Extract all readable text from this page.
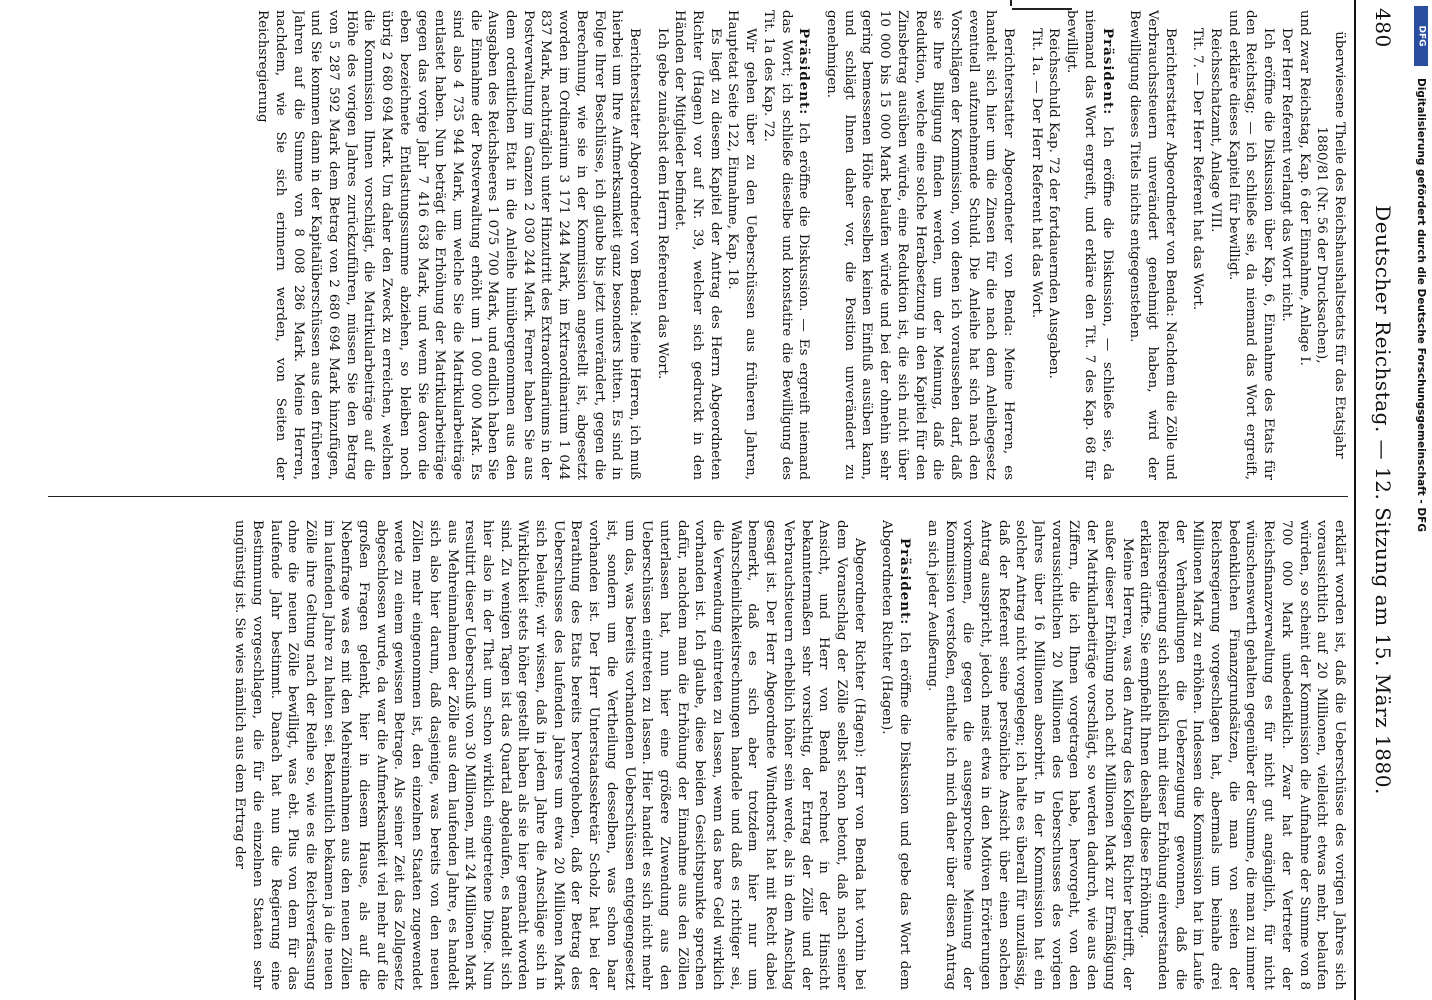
480
Deutscher Reichstag. — 12. Sitzung am 15. März 1880.

überwiesene Theile des Reichshaushaltsetats für das Etatsjahr 1880/81 (Nr. 56 der Drucksachen),

und zwar Reichstag, Kap. 6 der Einnahme, Anlage I.

Der Herr Referent verlangt das Wort nicht.

Ich eröffne die Diskussion über Kap. 6, Einnahme des Etats für den Reichstag; — ich schließe sie, da niemand das Wort ergreift, und erkläre dieses Kapitel für bewilligt.

Reichsschatzamt, Anlage VIII.

Tit. 7. — Der Herr Referent hat das Wort.

Berichterstatter Abgeordneter von Benda: Nachdem die Zölle und Verbrauchssteuern unverändert genehmigt haben, wird der Bewilligung dieses Titels nichts entgegenstehen.

Präsident: Ich eröffne die Diskussion, — schließe sie, da niemand das Wort ergreift, und erkläre den Tit. 7 des Kap. 68 für bewilligt.

Reichsschuld Kap. 72 der fortdauernden Ausgaben.

Tit. 1a. — Der Herr Referent hat das Wort.

Berichterstatter Abgeordneter von Benda: Meine Herren, es handelt sich hier um die Zinsen für die nach dem Anleihegesetz eventuell aufzunehmende Schuld. Die Anleihe hat sich nach den Vorschlägen der Kommission, von denen ich voraussehen darf, daß sie Ihre Billigung finden werden, um der Meinung, daß die Reduktion, welche eine solche Herabsetzung in den Kapitel für den Zinsbetrag ausüben würde, eine Reduktion ist, die sich nicht über 10 000 bis 15 000 Mark belaufen würde und bei der ohnehin sehr gering bemessenen Höhe desselben keinen Einfluß ausüben kann, und schlägt Ihnen daher vor, die Position unverändert zu genehmigen.

Präsident: Ich eröffne die Diskussion. — Es ergreift niemand das Wort; ich schließe dieselbe und konstatire die Bewilligung des Tit. 1a des Kap. 72.

Wir gehen über zu den Ueberschüssen aus früheren Jahren, Hauptetat Seite 122, Einnahme, Kap. 18.

Es liegt zu diesem Kapitel der Antrag des Herrn Abgeordneten Richter (Hagen) vor auf Nr. 39, welcher sich gedruckt in den Händen der Mitglieder befindet.

Ich gebe zunächst dem Herrn Referenten das Wort.

Berichterstatter Abgeordneter von Benda: Meine Herren, ich muß hierbei um Ihre Aufmerksamkeit ganz besonders bitten. Es sind in Folge Ihrer Beschlüsse, ich glaube bis jetzt unverändert, gegen die Berechnung, wie sie in der Kommission angestellt ist, abgesetzt worden im Ordinarium 3 171 244 Mark, im Extraordinarium 1 044 837 Mark, nachträglich unter Hinzutritt des Extraordinariums in der Postverwaltung im Ganzen 2 030 244 Mark. Ferner haben Sie aus dem ordentlichen Etat in die Anleihe hinübergenommen aus den Ausgaben des Reichsheeres 1 075 700 Mark, und endlich haben Sie die Einnahme der Postverwaltung erhöht um 1 000 000 Mark. Es sind also 4 735 944 Mark, um welche Sie die Matrikularbeiträge entlastet haben. Nun beträgt die Erhöhung der Matrikularbeiträge gegen das vorige Jahr 7 416 638 Mark, und wenn Sie davon die eben bezeichnete Entlastungssumme abziehen, so bleiben noch übrig 2 680 694 Mark. Um daher den Zweck zu erreichen, welchen die Kommission Ihnen vorschlägt, die Matrikularbeiträge auf die Höhe des vorigen Jahres zurückzuführen, müssen Sie den Betrag von 5 287 592 Mark dem Betrag von 2 680 694 Mark hinzufügen, und Sie kommen dann in der Kapitalüberschüssen aus den früheren Jahren auf die Summe von 8 008 286 Mark. Meine Herren, nachdem, wie Sie sich erinnern werden, von Seiten der Reichsregierung

erklärt worden ist, daß die Ueberschüsse des vorigen Jahres sich voraussichtlich auf 20 Millionen, vielleicht etwas mehr, belaufen würden, so scheint der Kommission die Aufnahme der Summe von 8 700 000 Mark unbedenklich. Zwar hat der Vertreter der Reichsfinanzverwaltung es für nicht gut angänglich, für nicht wünschenswerth gehalten gegenüber der Summe, die man zu immer bedenklichen Finanzgrundsätzen, die man von seiten der Reichsregierung vorgeschlagen hat, abermals um beinahe drei Millionen Mark zu erhöhen. Indessen die Kommission hat im Laufe der Verhandlungen die Ueberzeugung gewonnen, daß die Reichsregierung sich schließlich mit dieser Erhöhung einverstanden erklären dürfte. Sie empfiehlt Ihnen deshalb diese Erhöhung.

Meine Herren, was den Antrag des Kollegen Richter betrifft, der außer dieser Erhöhung noch acht Millionen Mark zur Ermäßigung der Matrikularbeiträge vorschlägt, so werden dadurch, wie aus den Ziffern, die ich Ihnen vorgetragen habe, hervorgeht, von den voraussichtlichen 20 Millionen des Ueberschusses des vorigen Jahres über 16 Millionen absorbirt. In der Kommission hat ein solcher Antrag nicht vorgelegen; ich halte es überall für unzulässig, daß der Referent seine persönliche Ansicht über einen solchen Antrag ausspricht, jedoch meist etwa in den Motiven Erörterungen vorkommen, die gegen die ausgesprochene Meinung der Kommission verstoßen, enthalte ich mich daher über diesen Antrag an sich jeder Aeußerung.

Präsident: Ich eröffne die Diskussion und gebe das Wort dem Abgeordneten Richter (Hagen).

Abgeordneter Richter (Hagen): Herr von Benda hat vorhin bei dem Voranschlag der Zölle selbst schon betont, daß nach seiner Ansicht, und Herr von Benda rechnet in der Hinsicht bekanntermaßen sehr vorsichtig, der Ertrag der Zölle und der Verbrauchsteuern erheblich höher sein werde, als in dem Anschlag gesagt ist. Der Herr Abgeordnete Windthorst hat mit Recht dabei bemerkt, daß es sich aber trotzdem hier nur um Wahrscheinlichkeitsrechnungen handele und daß es richtiger sei, die Verwendung eintreten zu lassen, wenn das bare Geld wirklich vorhanden ist. Ich glaube, diese beiden Gesichtspunkte sprechen dafür, nachdem man die Erhöhung der Einnahme aus den Zöllen unterlassen hat, nun hier eine größere Zuwendung aus den Ueberschüssen eintreten zu lassen. Hier handelt es sich nicht mehr um das, was bereits vorhandenen Ueberschüssen entgegengesetzt ist, sondern um die Vertheilung desselben, was schon baar vorhanden ist. Der Herr Unterstaatssekretär Scholz hat bei der Berathung des Etats bereits hervorgehoben, daß der Betrag des Ueberschusses des laufenden Jahres um etwa 20 Millionen Mark sich belaufe; wir wissen, daß in jedem Jahre die Anschläge sich in Wirklichkeit stets höher gestellt haben als sie hier gemacht worden sind. Zu wenigen Tagen ist das Quartal abgelaufen, es handelt sich hier also in der That um schon wirklich eingetretene Dinge. Nun resultirt dieser Ueberschuß von 30 Millionen, mit 24 Millionen Mark aus Mehreinnahmen der Zölle aus dem laufenden Jahre, es handelt sich also hier darum, daß dasjenige, was bereits von den neuen Zöllen mehr eingenommen ist, den einzelnen Staaten zugewendet werde zu einem gewissen Betrage. Als seiner Zeit das Zollgesetz abgeschlossen wurde, da war die Aufmerksamkeit viel mehr auf die großen Fragen gelenkt, hier in diesem Hause, als auf die Nebenfrage was es mit den Mehreinnahmen aus den neuen Zöllen im laufenden Jahre zu halten sei. Bekanntlich bekamen ja die neuen Zölle ihre Geltung nach der Reihe so, wie es die Reichsverfassung ohne die neuen Zölle bewilligt, was ebt. Plus von dem für das laufende Jahr bestimmt. Danach hat nun die Regierung eine Bestimmung vorgeschlagen, die für die einzelnen Staaten sehr ungünstig ist. Sie wies nämlich aus dem Ertrag der

DFG
Digitalisierung gefördert durch die Deutsche Forschungsgemeinschaft - DFG
